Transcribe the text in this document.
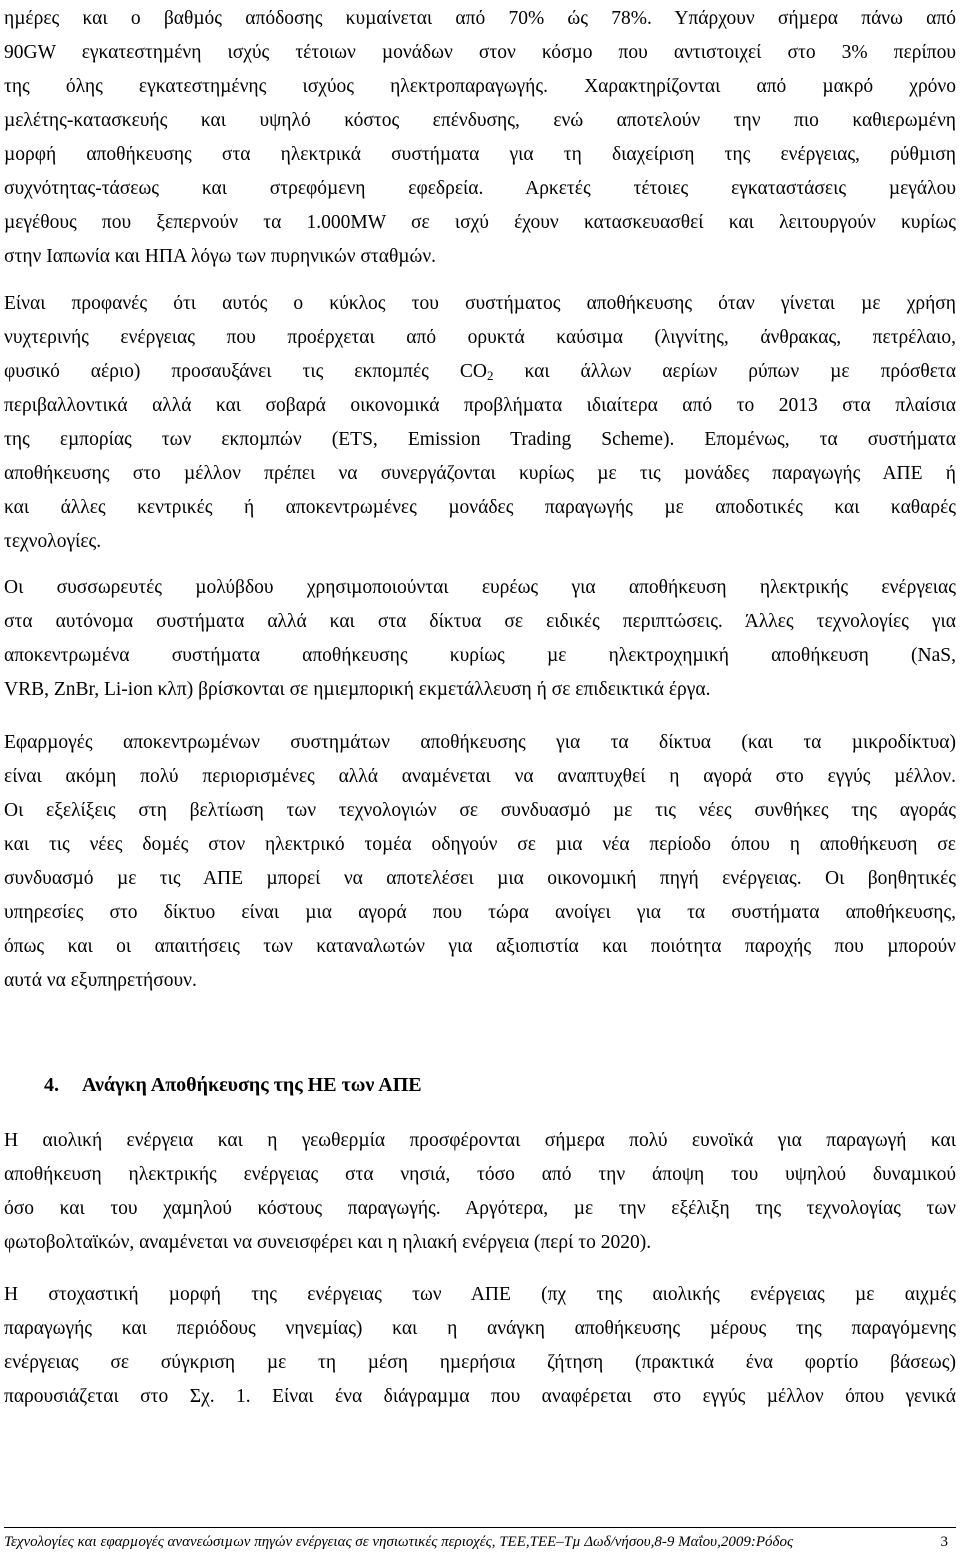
ηµέρες και ο βαθµός απόδοσης κυµαίνεται από 70% ώς 78%. Υπάρχουν σήµερα πάνω από
90GW εγκατεστηµένη ισχύς τέτοιων µονάδων στον κόσµο που αντιστοιχεί στο 3% περίπου
της όλης εγκατεστηµένης ισχύος ηλεκτροπαραγωγής. Χαρακτηρίζονται από µακρό χρόνο
µελέτης-κατασκευής και υψηλό κόστος επένδυσης, ενώ αποτελούν την πιο καθιερωµένη
µορφή αποθήκευσης στα ηλεκτρικά συστήµατα για τη διαχείριση της ενέργειας, ρύθµιση
συχνότητας-τάσεως και στρεφόµενη εφεδρεία. Αρκετές τέτοιες εγκαταστάσεις µεγάλου
µεγέθους που ξεπερνούν τα 1.000MW σε ισχύ έχουν κατασκευασθεί και λειτουργούν κυρίως
στην Ιαπωνία και ΗΠΑ λόγω των πυρηνικών σταθµών.
Είναι προφανές ότι αυτός ο κύκλος του συστήµατος αποθήκευσης όταν γίνεται µε χρήση
νυχτερινής ενέργειας που προέρχεται από ορυκτά καύσιµα (λιγνίτης, άνθρακας, πετρέλαιο,
φυσικό αέριο) προσαυξάνει τις εκποµπές $CO_2$ και άλλων αερίων ρύπων µε πρόσθετα
περιβαλλοντικά αλλά και σοβαρά οικονοµικά προβλήµατα ιδιαίτερα από το 2013 στα πλαίσια
της εµπορίας των εκποµπών (ETS, Emission Trading Scheme). Εποµένως, τα συστήµατα
αποθήκευσης στο µέλλον πρέπει να συνεργάζονται κυρίως µε τις µονάδες παραγωγής ΑΠΕ ή
και άλλες κεντρικές ή αποκεντρωµένες µονάδες παραγωγής µε αποδοτικές και καθαρές
τεχνολογίες.
Οι συσσωρευτές µολύβδου χρησιµοποιούνται ευρέως για αποθήκευση ηλεκτρικής ενέργειας
στα αυτόνοµα συστήµατα αλλά και στα δίκτυα σε ειδικές περιπτώσεις. Άλλες τεχνολογίες για
αποκεντρωµένα συστήµατα αποθήκευσης κυρίως µε ηλεκτροχηµική αποθήκευση (NaS,
VRB, ZnBr, Li-ion κλπ) βρίσκονται σε ηµιεµπορική εκµετάλλευση ή σε επιδεικτικά έργα.
Εφαρµογές αποκεντρωµένων συστηµάτων αποθήκευσης για τα δίκτυα (και τα µικροδίκτυα)
είναι ακόµη πολύ περιορισµένες αλλά αναµένεται να αναπτυχθεί η αγορά στο εγγύς µέλλον.
Οι εξελίξεις στη βελτίωση των τεχνολογιών σε συνδυασµό µε τις νέες συνθήκες της αγοράς
και τις νέες δοµές στον ηλεκτρικό τοµέα οδηγούν σε µια νέα περίοδο όπου η αποθήκευση σε
συνδυασµό µε τις ΑΠΕ µπορεί να αποτελέσει µια οικονοµική πηγή ενέργειας. Οι βοηθητικές
υπηρεσίες στο δίκτυο είναι µια αγορά που τώρα ανοίγει για τα συστήµατα αποθήκευσης,
όπως και οι απαιτήσεις των καταναλωτών για αξιοπιστία και ποιότητα παροχής που µπορούν
αυτά να εξυπηρετήσουν.
4. Ανάγκη Αποθήκευσης της ΗΕ των ΑΠΕ
Η αιολική ενέργεια και η γεωθερµία προσφέρονται σήµερα πολύ ευνοϊκά για παραγωγή και
αποθήκευση ηλεκτρικής ενέργειας στα νησιά, τόσο από την άποψη του υψηλού δυναµικού
όσο και του χαµηλού κόστους παραγωγής. Αργότερα, µε την εξέλιξη της τεχνολογίας των
φωτοβολταϊκών, αναµένεται να συνεισφέρει και η ηλιακή ενέργεια (περί το 2020).
Η στοχαστική µορφή της ενέργειας των ΑΠΕ (πχ της αιολικής ενέργειας µε αιχµές
παραγωγής και περιόδους νηνεµίας) και η ανάγκη αποθήκευσης µέρους της παραγόµενης
ενέργειας σε σύγκριση µε τη µέση ηµερήσια ζήτηση (πρακτικά ένα φορτίο βάσεως)
παρουσιάζεται στο Σχ. 1. Είναι ένα διάγραµµα που αναφέρεται στο εγγύς µέλλον όπου γενικά
Τεχνολογίες και εφαρµογές ανανεώσιµων πηγών ενέργειας σε νησιωτικές περιοχές, ΤΕΕ,ΤΕΕ–Τµ Δωδ/νήσου,8-9 Μαΐου,2009:Ρόδος	3
